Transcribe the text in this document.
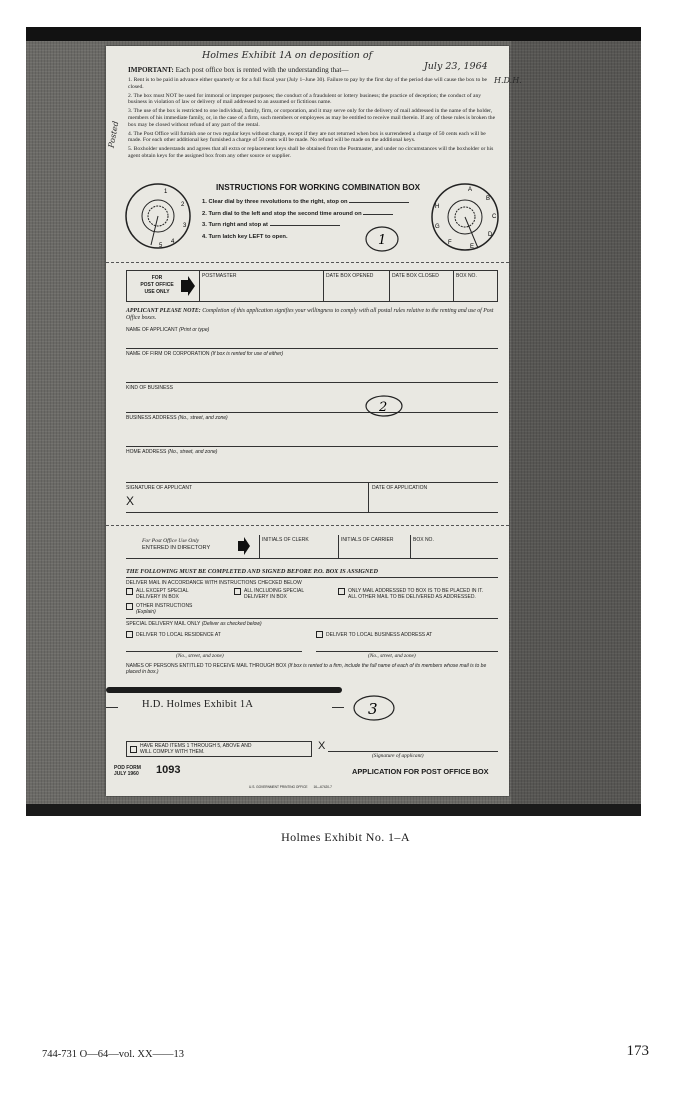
Holmes Exhibit 1A on deposition of
July 23, 1964
H.D.H.
Posted
IMPORTANT: Each post office box is rented with the understanding that—
1. Rent is to be paid in advance either quarterly or for a full fiscal year (July 1–June 30). Failure to pay by the first day of the period due will cause the box to be closed.
2. The box must NOT be used for immoral or improper purposes; the conduct of a fraudulent or lottery business; the practice of deception; the conduct of any business in violation of law or delivery of mail addressed to an assumed or fictitious name.
3. The use of the box is restricted to one individual, family, firm, or corporation, and it may serve only for the delivery of mail addressed in the name of the holder, members of his immediate family, or, in the case of a firm, such members or employees as may be entitled to receive mail therein. If any of these rules is broken the box may be closed without refund of any part of the rental.
4. The Post Office will furnish one or two regular keys without charge, except if they are not returned when box is surrendered a charge of 50 cents each will be made. For each other additional key furnished a charge of 50 cents will be made. No refund will be made on the additional keys.
5. Boxholder understands and agrees that all extra or replacement keys shall be obtained from the Postmaster, and under no circumstances will the boxholder or his agent obtain keys for the assigned box from any other source or supplier.
INSTRUCTIONS FOR WORKING COMBINATION BOX
1
2
3
4
5
1. Clear dial by three revolutions to the right, stop on
2. Turn dial to the left and stop the second time around on
3. Turn right and stop at
4. Turn latch key LEFT to open.
A
B
C
D
E
F
G
H
1
FOR
POST OFFICE
USE ONLY
POSTMASTER	DATE BOX OPENED	DATE BOX CLOSED	BOX NO.
APPLICANT PLEASE NOTE: Completion of this application signifies your willingness to comply with all postal rules relative to the renting and use of Post Office boxes.
NAME OF APPLICANT (Print or type)
NAME OF FIRM OR CORPORATION (If box is rented for use of either)
KIND OF BUSINESS
BUSINESS ADDRESS (No., street, and zone)
2
HOME ADDRESS (No., street, and zone)
SIGNATURE OF APPLICANT
X
DATE OF APPLICATION
For Post Office Use Only
ENTERED IN DIRECTORY
INITIALS OF CLERK	INITIALS OF CARRIER	BOX NO.
THE FOLLOWING MUST BE COMPLETED AND SIGNED BEFORE P.O. BOX IS ASSIGNED
DELIVER MAIL IN ACCORDANCE WITH INSTRUCTIONS CHECKED BELOW
ALL EXCEPT SPECIAL
DELIVERY IN BOX
ALL INCLUDING SPECIAL
DELIVERY IN BOX
ONLY MAIL ADDRESSED TO BOX IS TO BE PLACED IN IT.
ALL OTHER MAIL TO BE DELIVERED AS ADDRESSED.
OTHER INSTRUCTIONS
(Explain)
SPECIAL DELIVERY MAIL ONLY (Deliver as checked below)
DELIVER TO LOCAL RESIDENCE AT	DELIVER TO LOCAL BUSINESS ADDRESS AT
(No., street, and zone)	(No., street, and zone)
NAMES OF PERSONS ENTITLED TO RECEIVE MAIL THROUGH BOX (If box is rented to a firm, include the full name of each of its members whose mail is to be placed in box.)
H.D. Holmes Exhibit 1A	3
HAVE READ ITEMS 1 THROUGH 5, ABOVE AND
WILL COMPLY WITH THEM.	X
(Signature of applicant)
POD FORM
JULY 1960 1093
U.S. GOVERNMENT PRINTING OFFICE 16—67420-7
APPLICATION FOR POST OFFICE BOX
Holmes Exhibit No. 1–A
744-731 O—64—vol. XX——13	173
